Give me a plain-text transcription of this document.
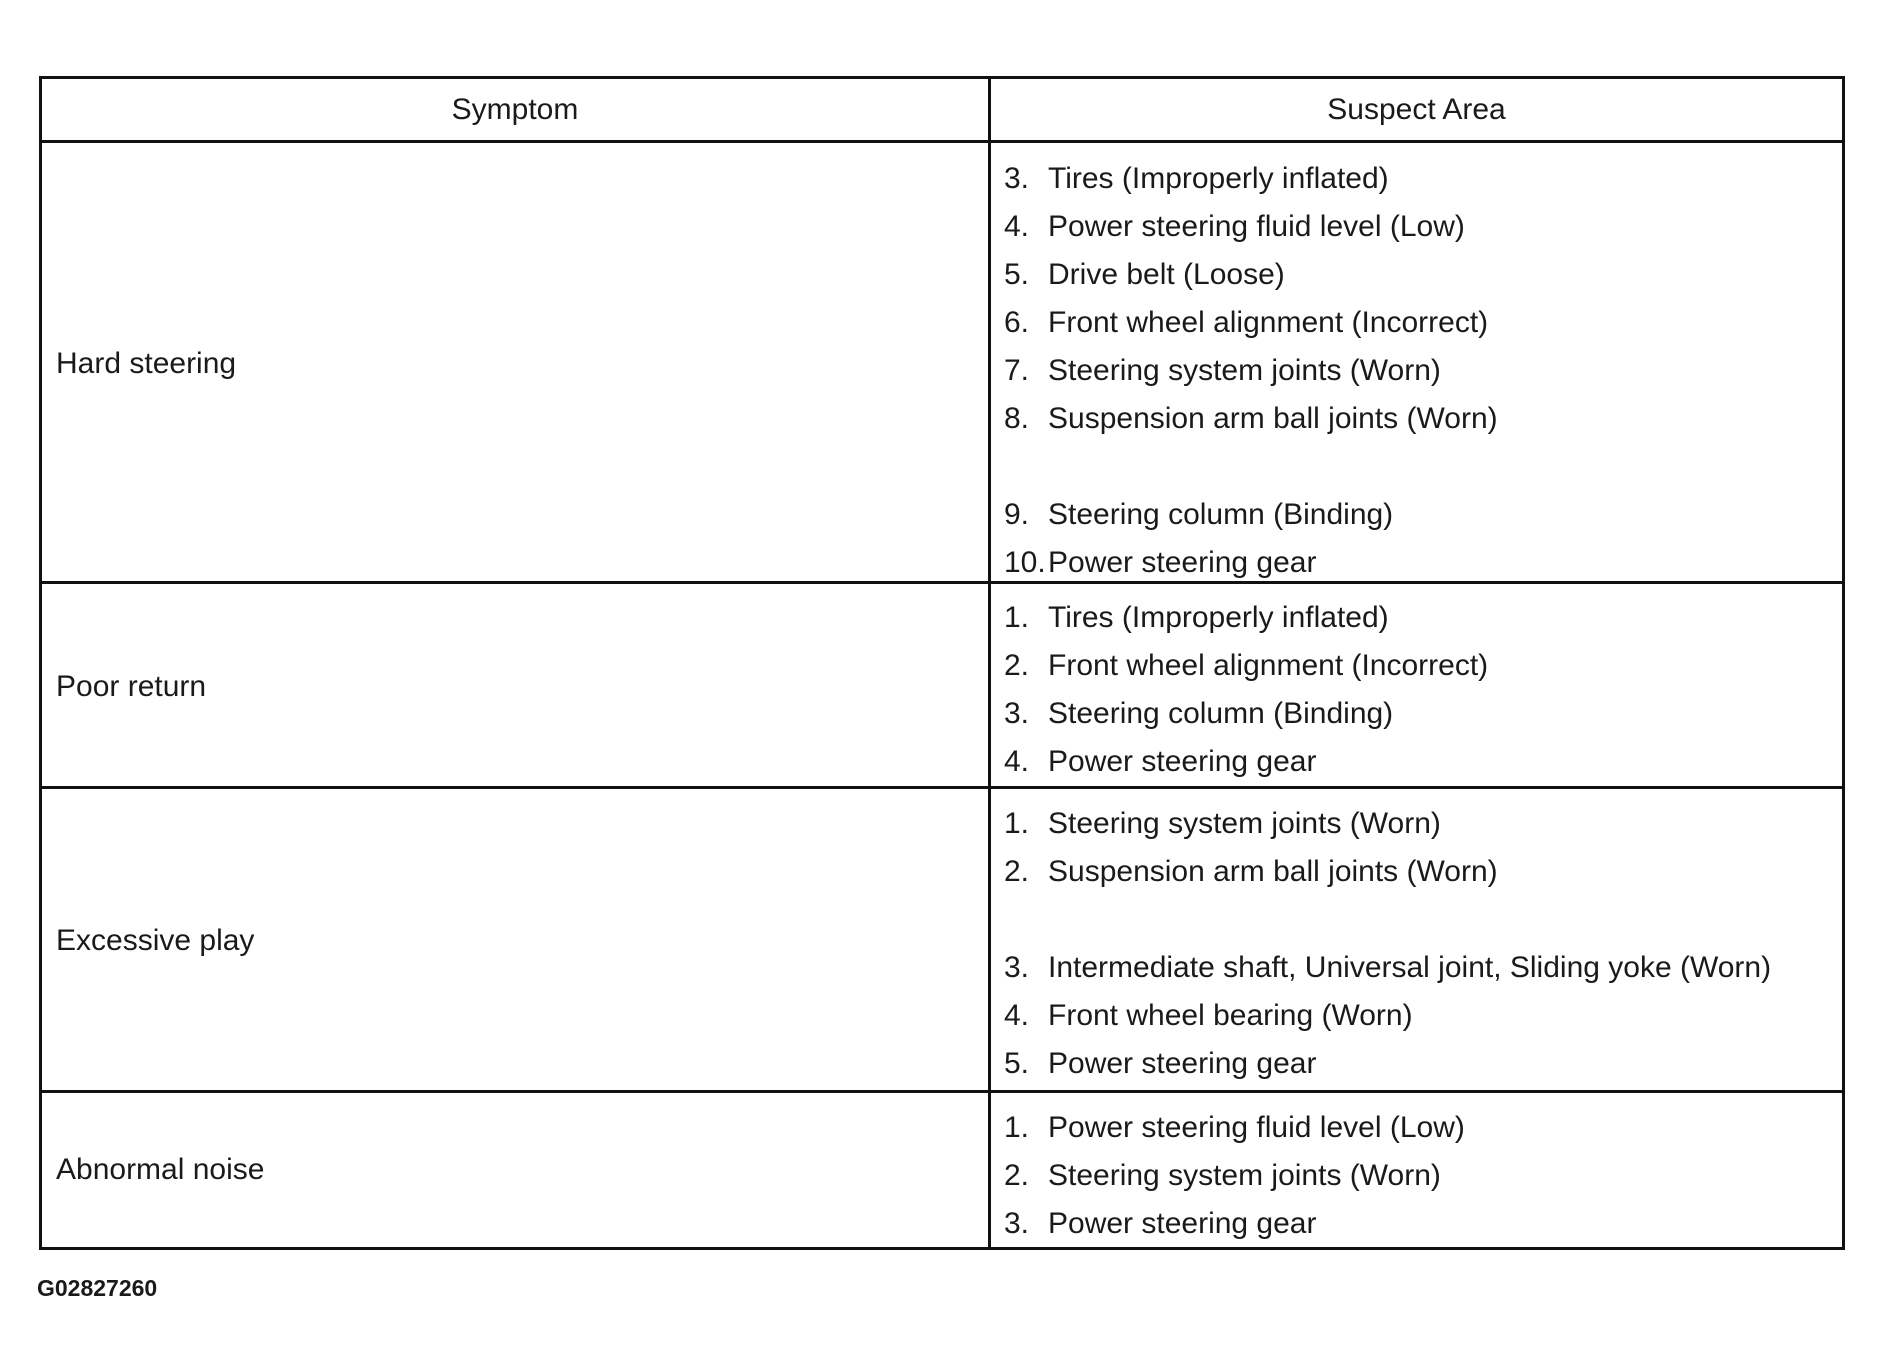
Symptom	Suspect Area
Hard steering
3. Tires (Improperly inflated)
4. Power steering fluid level (Low)
5. Drive belt (Loose)
6. Front wheel alignment (Incorrect)
7. Steering system joints (Worn)
8. Suspension arm ball joints (Worn)
9. Steering column (Binding)
10. Power steering gear
Poor return
1. Tires (Improperly inflated)
2. Front wheel alignment (Incorrect)
3. Steering column (Binding)
4. Power steering gear
Excessive play
1. Steering system joints (Worn)
2. Suspension arm ball joints (Worn)
3. Intermediate shaft, Universal joint, Sliding yoke (Worn)
4. Front wheel bearing (Worn)
5. Power steering gear
Abnormal noise
1. Power steering fluid level (Low)
2. Steering system joints (Worn)
3. Power steering gear
G02827260
